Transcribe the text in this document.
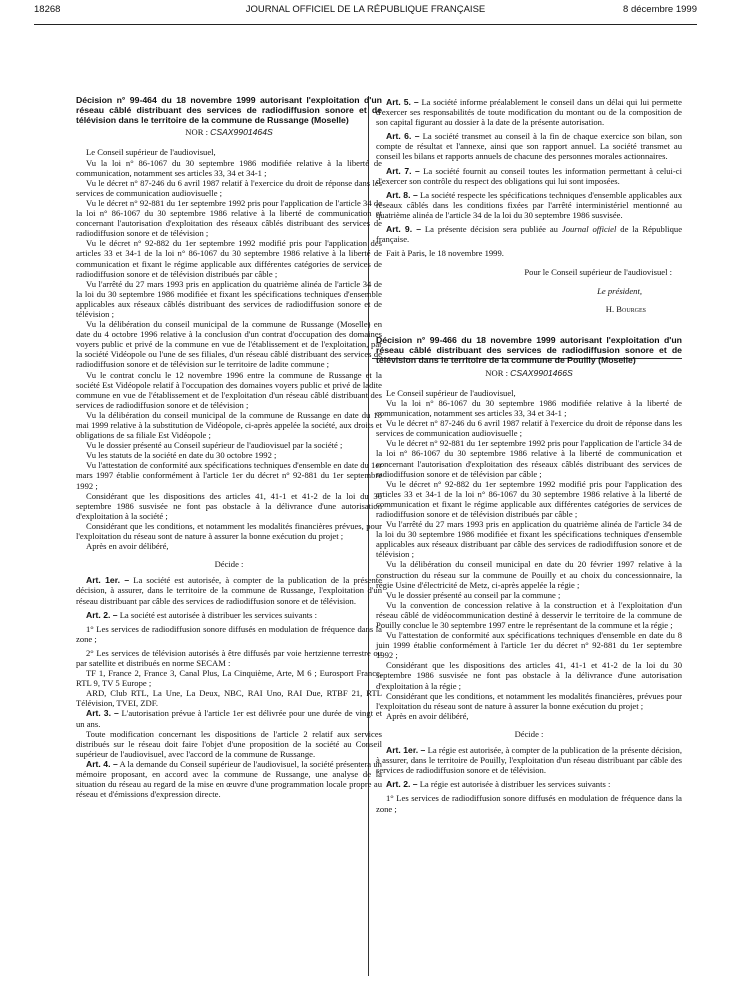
18268	JOURNAL OFFICIEL DE LA RÉPUBLIQUE FRANÇAISE	8 décembre 1999

Décision n° 99-464 du 18 novembre 1999 autorisant l'exploitation d'un réseau câblé distribuant des services de radiodiffusion sonore et de télévision dans le territoire de la commune de Russange (Moselle)

NOR : CSAX9901464S

Le Conseil supérieur de l'audiovisuel,

Vu la loi n° 86-1067 du 30 septembre 1986 modifiée relative à la liberté de communication, notamment ses articles 33, 34 et 34-1 ;

Vu le décret n° 87-246 du 6 avril 1987 relatif à l'exercice du droit de réponse dans les services de communication audiovisuelle ;

Vu le décret n° 92-881 du 1er septembre 1992 pris pour l'application de l'article 34 de la loi n° 86-1067 du 30 septembre 1986 relative à la liberté de communication et concernant l'autorisation d'exploitation des réseaux câblés distribuant des services de radiodiffusion sonore et de télévision ;

Vu le décret n° 92-882 du 1er septembre 1992 modifié pris pour l'application des articles 33 et 34-1 de la loi n° 86-1067 du 30 septembre 1986 relative à la liberté de communication et fixant le régime applicable aux différentes catégories de services de radiodiffusion sonore et de télévision distribués par câble ;

Vu l'arrêté du 27 mars 1993 pris en application du quatrième alinéa de l'article 34 de la loi du 30 septembre 1986 modifiée et fixant les spécifications techniques d'ensemble applicables aux réseaux câblés distribuant des services de radiodiffusion sonore et de télévision ;

Vu la délibération du conseil municipal de la commune de Russange (Moselle) en date du 4 octobre 1996 relative à la conclusion d'un contrat d'occupation des domaines voyers public et privé de la commune en vue de l'établissement et de l'exploitation, par la société Vidéopole ou l'une de ses filiales, d'un réseau câblé distribuant des services de radiodiffusion sonore et de télévision sur le territoire de ladite commune ;

Vu le contrat conclu le 12 novembre 1996 entre la commune de Russange et la société Est Vidéopole relatif à l'occupation des domaines voyers public et privé de ladite commune en vue de l'établissement et de l'exploitation d'un réseau câblé distribuant des services de radiodiffusion sonore et de télévision ;

Vu la délibération du conseil municipal de la commune de Russange en date du 18 mai 1999 relative à la substitution de Vidéopole, ci-après appelée la société, aux droits et obligations de sa filiale Est Vidéopole ;

Vu le dossier présenté au Conseil supérieur de l'audiovisuel par la société ;

Vu les statuts de la société en date du 30 octobre 1992 ;

Vu l'attestation de conformité aux spécifications techniques d'ensemble en date du 1er mars 1997 établie conformément à l'article 1er du décret n° 92-881 du 1er septembre 1992 ;

Considérant que les dispositions des articles 41, 41-1 et 41-2 de la loi du 30 septembre 1986 susvisée ne font pas obstacle à la délivrance d'une autorisation d'exploitation à la société ;

Considérant que les conditions, et notamment les modalités financières prévues, pour l'exploitation du réseau sont de nature à assurer la bonne exécution du projet ;

Après en avoir délibéré,

Décide :

Art. 1er. – La société est autorisée, à compter de la publication de la présente décision, à assurer, dans le territoire de la commune de Russange, l'exploitation d'un réseau distribuant par câble des services de radiodiffusion sonore et de télévision.

Art. 2. – La société est autorisée à distribuer les services suivants :

1° Les services de radiodiffusion sonore diffusés en modulation de fréquence dans la zone ;

2° Les services de télévision autorisés à être diffusés par voie hertzienne terrestre ou par satellite et distribués en norme SECAM :

TF 1, France 2, France 3, Canal Plus, La Cinquième, Arte, M 6 ; Eurosport France, RTL 9, TV 5 Europe ;

ARD, Club RTL, La Une, La Deux, NBC, RAI Uno, RAI Due, RTBF 21, RTL Télévision, TVEI, ZDF.

Art. 3. – L'autorisation prévue à l'article 1er est délivrée pour une durée de vingt et un ans.

Toute modification concernant les dispositions de l'article 2 relatif aux services distribués sur le réseau doit faire l'objet d'une proposition de la société au Conseil supérieur de l'audiovisuel, avec l'accord de la commune de Russange.

Art. 4. – A la demande du Conseil supérieur de l'audiovisuel, la société présentera un mémoire proposant, en accord avec la commune de Russange, une analyse de la situation du réseau au regard de la mise en œuvre d'une programmation locale propre au réseau et d'émissions d'expression directe.

Art. 5. – La société informe préalablement le conseil dans un délai qui lui permette d'exercer ses responsabilités de toute modification du montant ou de la composition de son capital figurant au dossier à la date de la présente autorisation.

Art. 6. – La société transmet au conseil à la fin de chaque exercice son bilan, son compte de résultat et l'annexe, ainsi que son rapport annuel. La société transmet au conseil les bilans et rapports annuels de chacune des personnes morales actionnaires.

Art. 7. – La société fournit au conseil toutes les information permettant à celui-ci d'exercer son contrôle du respect des obligations qui lui sont imposées.

Art. 8. – La société respecte les spécifications techniques d'ensemble applicables aux réseaux câblés dans les conditions fixées par l'arrêté interministériel mentionné au quatrième alinéa de l'article 34 de la loi du 30 septembre 1986 susvisée.

Art. 9. – La présente décision sera publiée au Journal officiel de la République française.

Fait à Paris, le 18 novembre 1999.

Pour le Conseil supérieur de l'audiovisuel :

Le président,

H. Bourges

Décision n° 99-466 du 18 novembre 1999 autorisant l'exploitation d'un réseau câblé distribuant des services de radiodiffusion sonore et de télévision dans le territoire de la commune de Pouilly (Moselle)

NOR : CSAX9901466S

Le Conseil supérieur de l'audiovisuel,

Vu la loi n° 86-1067 du 30 septembre 1986 modifiée relative à la liberté de communication, notamment ses articles 33, 34 et 34-1 ;

Vu le décret n° 87-246 du 6 avril 1987 relatif à l'exercice du droit de réponse dans les services de communication audiovisuelle ;

Vu le décret n° 92-881 du 1er septembre 1992 pris pour l'application de l'article 34 de la loi n° 86-1067 du 30 septembre 1986 relative à la liberté de communication et concernant l'autorisation d'exploitation des réseaux câblés distribuant des services de radiodiffusion sonore et de télévision par câble ;

Vu le décret n° 92-882 du 1er septembre 1992 modifié pris pour l'application des articles 33 et 34-1 de la loi n° 86-1067 du 30 septembre 1986 relative à la liberté de communication et fixant le régime applicable aux différentes catégories de services de radiodiffusion sonore et de télévision distribués par câble ;

Vu l'arrêté du 27 mars 1993 pris en application du quatrième alinéa de l'article 34 de la loi du 30 septembre 1986 modifiée et fixant les spécifications techniques d'ensemble applicables aux réseaux distribuant par câble des services de radiodiffusion sonore et de télévision ;

Vu la délibération du conseil municipal en date du 20 février 1997 relative à la construction du réseau sur la commune de Pouilly et au choix du concessionnaire, la régie Usine d'électricité de Metz, ci-après appelée la régie ;

Vu le dossier présenté au conseil par la commune ;

Vu la convention de concession relative à la construction et à l'exploitation d'un réseau câblé de vidéocommunication destiné à desservir le territoire de la commune de Pouilly conclue le 30 septembre 1997 entre le représentant de la commune et la régie ;

Vu l'attestation de conformité aux spécifications techniques d'ensemble en date du 8 juin 1999 établie conformément à l'article 1er du décret n° 92-881 du 1er septembre 1992 ;

Considérant que les dispositions des articles 41, 41-1 et 41-2 de la loi du 30 septembre 1986 susvisée ne font pas obstacle à la délivrance d'une autorisation d'exploitation à la régie ;

Considérant que les conditions, et notamment les modalités financières, prévues pour l'exploitation du réseau sont de nature à assurer la bonne exécution du projet ;

Après en avoir délibéré,

Décide :

Art. 1er. – La régie est autorisée, à compter de la publication de la présente décision, à assurer, dans le territoire de Pouilly, l'exploitation d'un réseau distribuant par câble des services de radiodiffusion sonore et de télévision.

Art. 2. – La régie est autorisée à distribuer les services suivants :

1° Les services de radiodiffusion sonore diffusés en modulation de fréquence dans la zone ;
